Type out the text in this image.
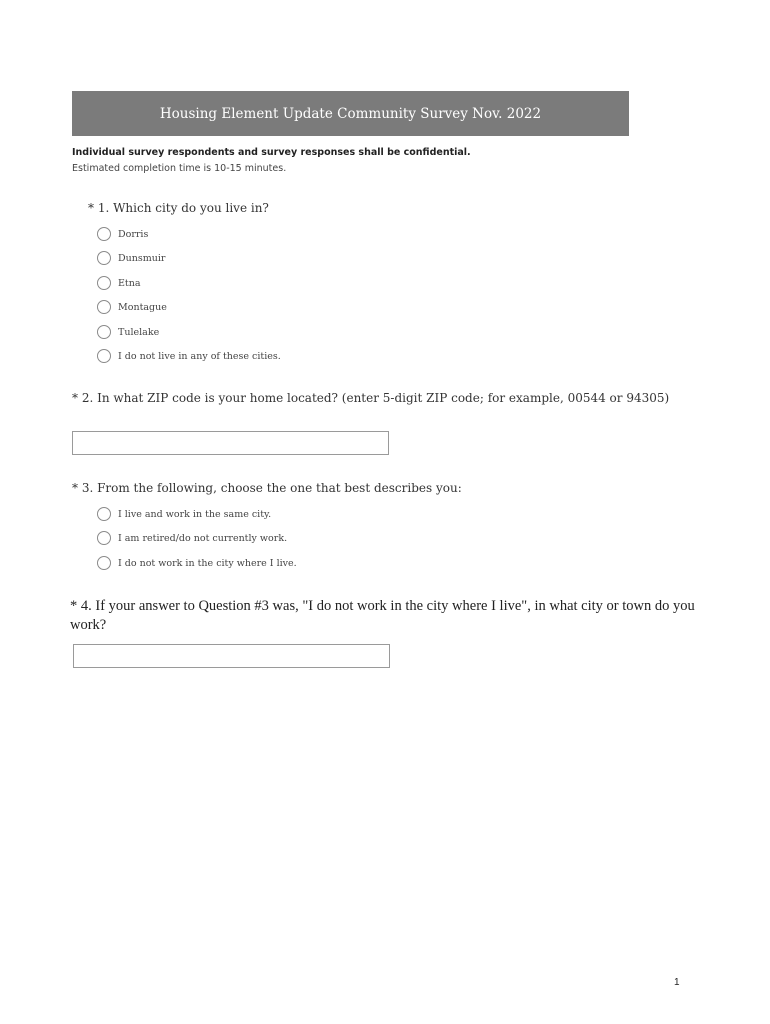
Housing Element Update Community Survey Nov. 2022
Individual survey respondents and survey responses shall be confidential.
Estimated completion time is 10-15 minutes.
* 1. Which city do you live in?
Dorris
Dunsmuir
Etna
Montague
Tulelake
I do not live in any of these cities.
* 2. In what ZIP code is your home located? (enter 5-digit ZIP code; for example, 00544 or 94305)
* 3. From the following, choose the one that best describes you:
I live and work in the same city.
I am retired/do not currently work.
I do not work in the city where I live.
* 4. If your answer to Question #3 was, "I do not work in the city where I live", in what city or town do you work?
1
